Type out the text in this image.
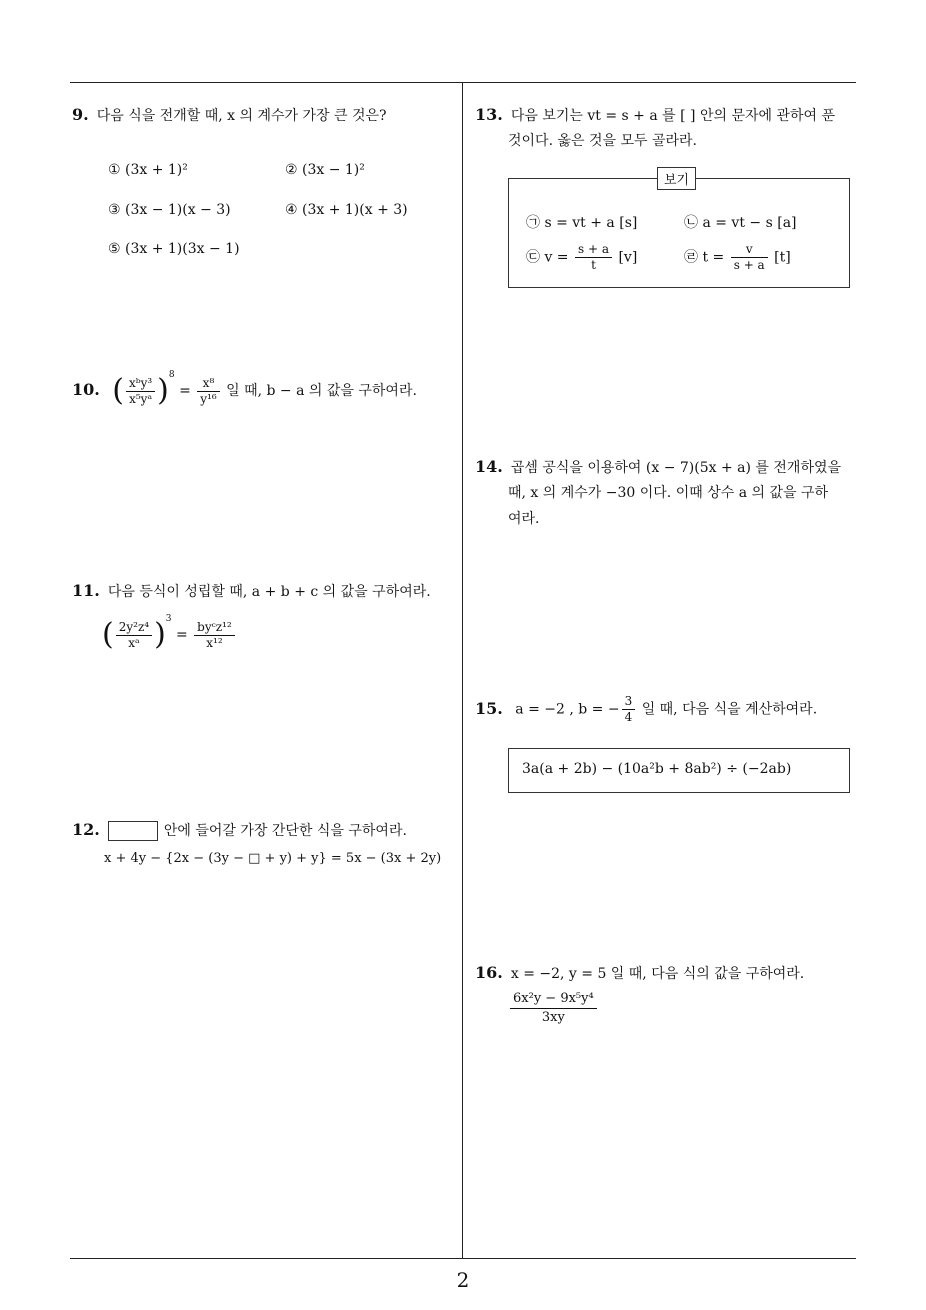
2
9. 다음 식을 전개할 때, x 의 계수가 가장 큰 것은?
① (3x + 1)²	② (3x − 1)²
③ (3x − 1)(x − 3)	④ (3x + 1)(x + 3)
⑤ (3x + 1)(3x − 1)
10. ( $\frac{\text{xᵇy³}}{\text{x⁵yᵃ}} )^8 = \frac{\text{x⁸}}{\text{y¹⁶}}$ 일 때, b − a 의 값을 구하여라.
11. 다음 등식이 성립할 때, a + b + c 의 값을 구하여라.
( $\frac{\text{2y²z⁴}}{\text{xᵃ}} )^3 = \frac{\text{byᶜz¹²}}{\text{x¹²}}$
12.	안에 들어갈 가장 간단한 식을 구하여라.
x + 4y − {2x − (3y − □ + y) + y} = 5x − (3x + 2y)
13. 다음 보기는 vt = s + a 를 [ ] 안의 문자에 관하여 푼
것이다. 옳은 것을 모두 골라라.
보기
㉠ s = vt + a [s]	㉡ a = vt − s [a]
㉢ $v = \frac{s + a}{t} [v]$	㉣ $t = \frac{v}{s + a} [t]$
14. 곱셈 공식을 이용하여 (x − 7)(5x + a) 를 전개하였을
때, x 의 계수가 −30 이다. 이때 상수 a 의 값을 구하
여라.
15. a = −2 , b = − $\frac{3}{4}$ 일 때, 다음 식을 계산하여라.
3a(a + 2b) − (10a²b + 8ab²) ÷ (−2ab)
16. x = −2, y = 5 일 때, 다음 식의 값을 구하여라.
$\frac{\text{6x²y − 9x⁵y⁴}}{3xy}$
